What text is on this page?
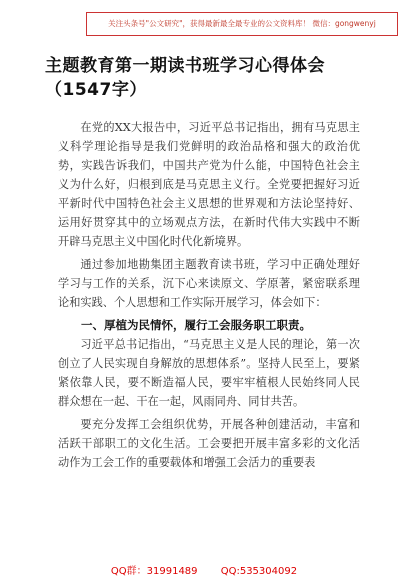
关注头条号"公文研究"，获得最新最全最专业的公文资料库！ 微信：gongwenyj
主题教育第一期读书班学习心得体会
（1547字）

在党的XX大报告中，习近平总书记指出，拥有马克思主义科学理论指导是我们党鲜明的政治品格和强大的政治优势，实践告诉我们，中国共产党为什么能，中国特色社会主义为什么好，归根到底是马克思主义行。全党要把握好习近平新时代中国特色社会主义思想的世界观和方法论坚持好、运用好贯穿其中的立场观点方法，在新时代伟大实践中不断开辟马克思主义中国化时代化新境界。

通过参加地勘集团主题教育读书班，学习中正确处理好学习与工作的关系，沉下心来读原文、学原著，紧密联系理论和实践、个人思想和工作实际开展学习，体会如下：

一、厚植为民情怀，履行工会服务职工职责。

习近平总书记指出，“马克思主义是人民的理论，第一次创立了人民实现自身解放的思想体系”。坚持人民至上，要紧紧依靠人民，要不断造福人民，要牢牢植根人民始终同人民群众想在一起、干在一起，风雨同舟、同甘共苦。

要充分发挥工会组织优势，开展各种创建活动，丰富和活跃干部职工的文化生活。工会要把开展丰富多彩的文化活动作为工会工作的重要载体和增强工会活力的重要表

QQ群：31991489 QQ:535304092
